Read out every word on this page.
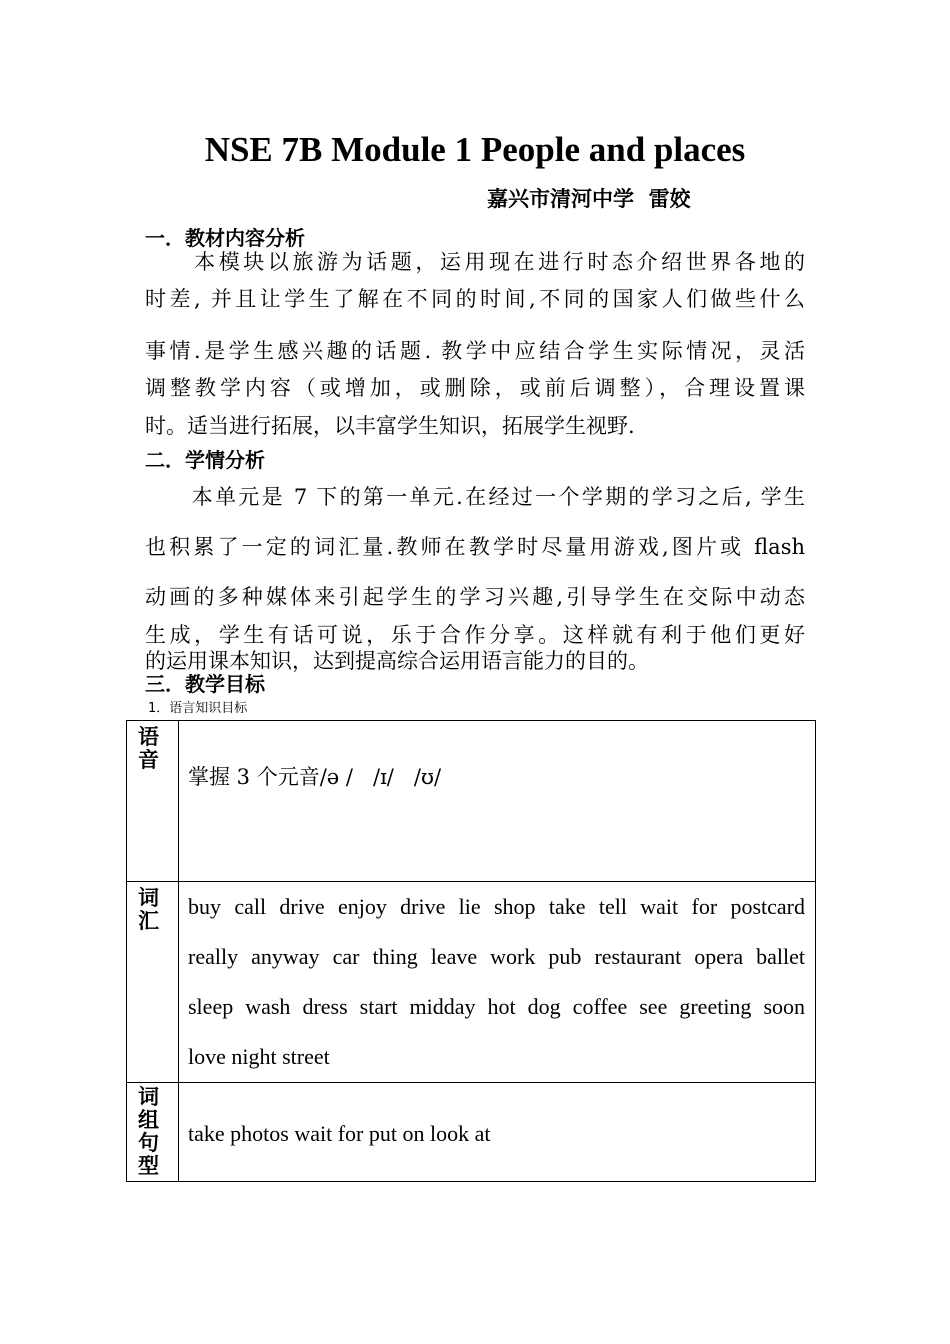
NSE 7B Module 1 People and places
嘉兴市清河中学  雷姣
一．教材内容分析
　　本模块以旅游为话题，运用现在进行时态介绍世界各地的
时差, 并且让学生了解在不同的时间,不同的国家人们做些什么
事情.是学生感兴趣的话题. 教学中应结合学生实际情况，灵活
调整教学内容（或增加，或删除，或前后调整），合理设置课
时。适当进行拓展，以丰富学生知识，拓展学生视野.
二．学情分析
　　本单元是 7 下的第一单元.在经过一个学期的学习之后, 学生
也积累了一定的词汇量.教师在教学时尽量用游戏,图片或 flash
动画的多种媒体来引起学生的学习兴趣,引导学生在交际中动态
生成，学生有话可说，乐于合作分享。这样就有利于他们更好
的运用课本知识，达到提高综合运用语言能力的目的。
三．教学目标
1．语言知识目标
语音	掌握 3 个元音/ə /   /ɪ/   /ʊ/

词汇	buy call drive enjoy drive lie shop take tell wait for postcard
really anyway car thing leave work pub restaurant opera ballet
sleep wash dress start midday hot dog coffee see greeting soon
love night street

词组句型	take photos wait for put on look at
